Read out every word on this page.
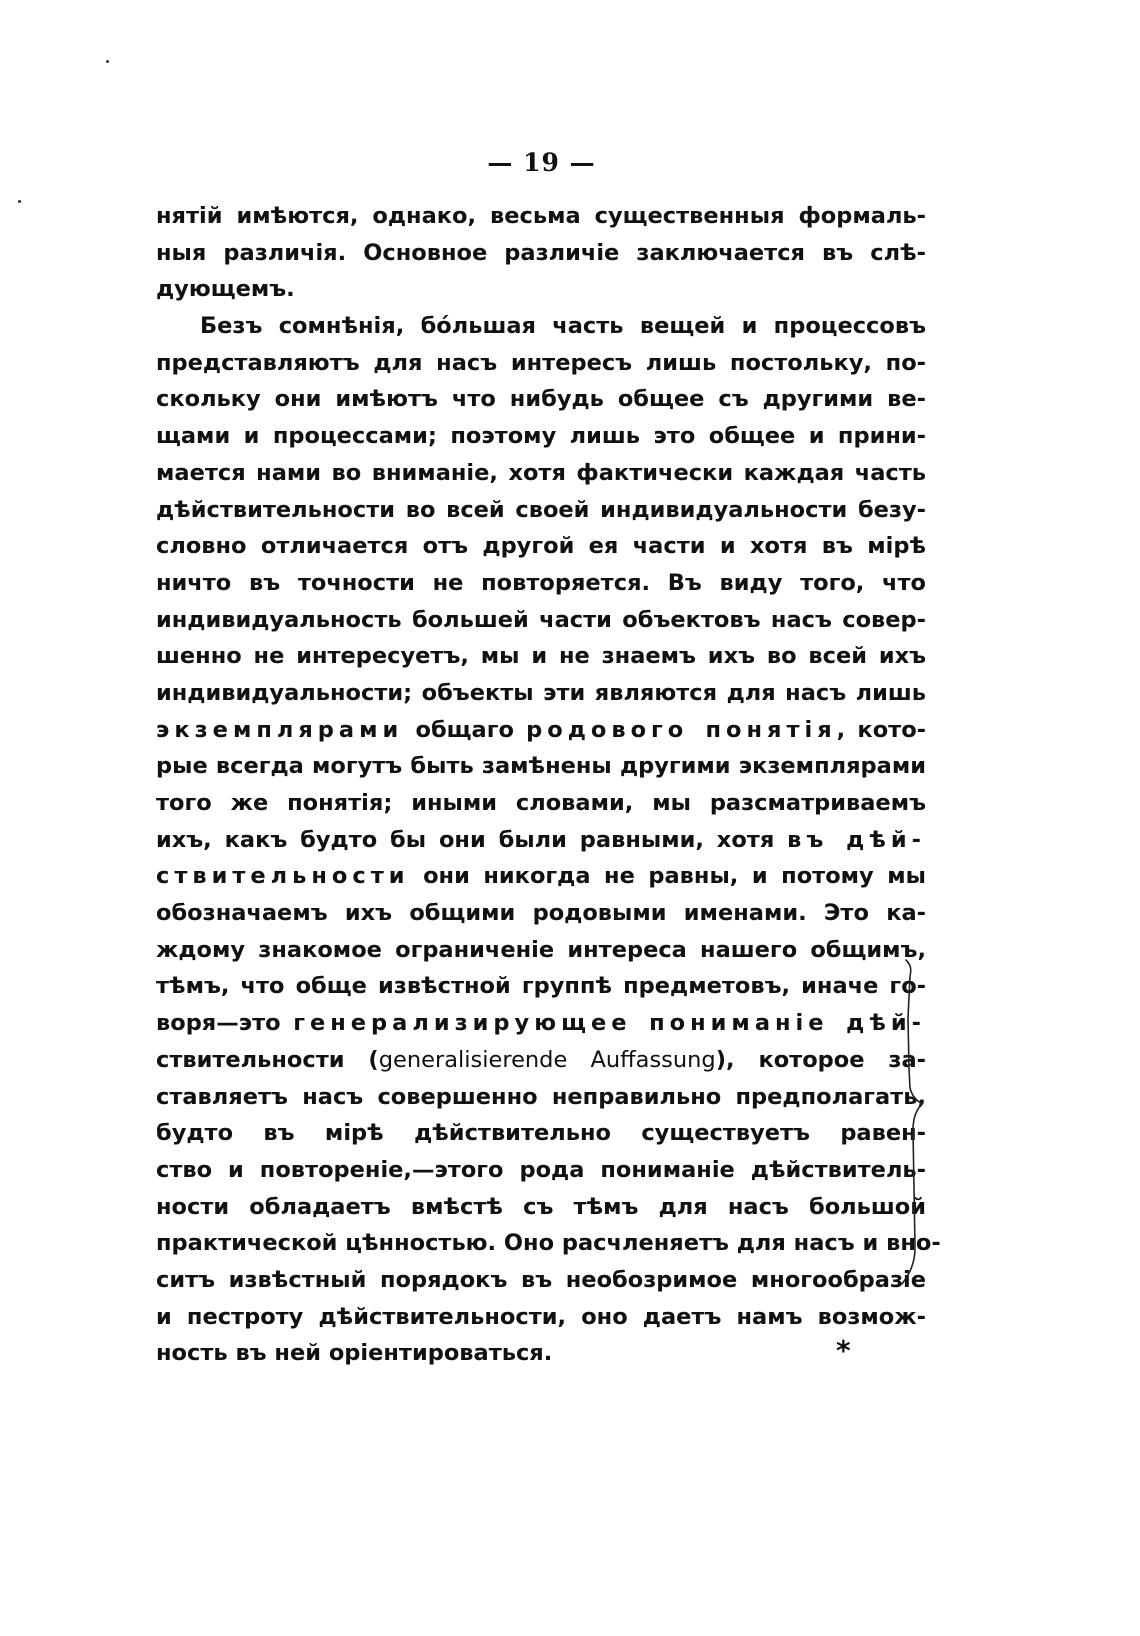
— 19 —
нятій имѣются, однако, весьма существенныя формаль-
ныя различія. Основное различіе заключается въ слѣ-
дующемъ.
Безъ сомнѣнія, бо́льшая часть вещей и процессовъ
представляютъ для насъ интересъ лишь постольку, по-
скольку они имѣютъ что нибудь общее съ другими ве-
щами и процессами; поэтому лишь это общее и прини-
мается нами во вниманіе, хотя фактически каждая часть
дѣйствительности во всей своей индивидуальности безу-
словно отличается отъ другой ея части и хотя въ мірѣ
ничто въ точности не повторяется. Въ виду того, что
индивидуальность большей части объектовъ насъ совер-
шенно не интересуетъ, мы и не знаемъ ихъ во всей ихъ
индивидуальности; объекты эти являются для насъ лишь
экземплярами общаго родового понятія, кото-
рые всегда могутъ быть замѣнены другими экземплярами
того же понятія; иными словами, мы разсматриваемъ
ихъ, какъ будто бы они были равными, хотя въ дѣй-
ствительности они никогда не равны, и потому мы
обозначаемъ ихъ общими родовыми именами. Это ка-
ждому знакомое ограниченіе интереса нашего общимъ,
тѣмъ, что обще извѣстной группѣ предметовъ, иначе го-
воря—это генерализирующее пониманіе дѣй-
ствительности (generalisierende Auffassung), которое за-
ставляетъ насъ совершенно неправильно предполагать,
будто въ мірѣ дѣйствительно существуетъ равен-
ство и повтореніе,—этого рода пониманіе дѣйствитель-
ности обладаетъ вмѣстѣ съ тѣмъ для насъ большой
практической цѣнностью. Оно расчленяетъ для насъ и вно-
ситъ извѣстный порядокъ въ необозримое многообразіе
и пестроту дѣйствительности, оно даетъ намъ возмож-
ность въ ней оріентироваться.	*
